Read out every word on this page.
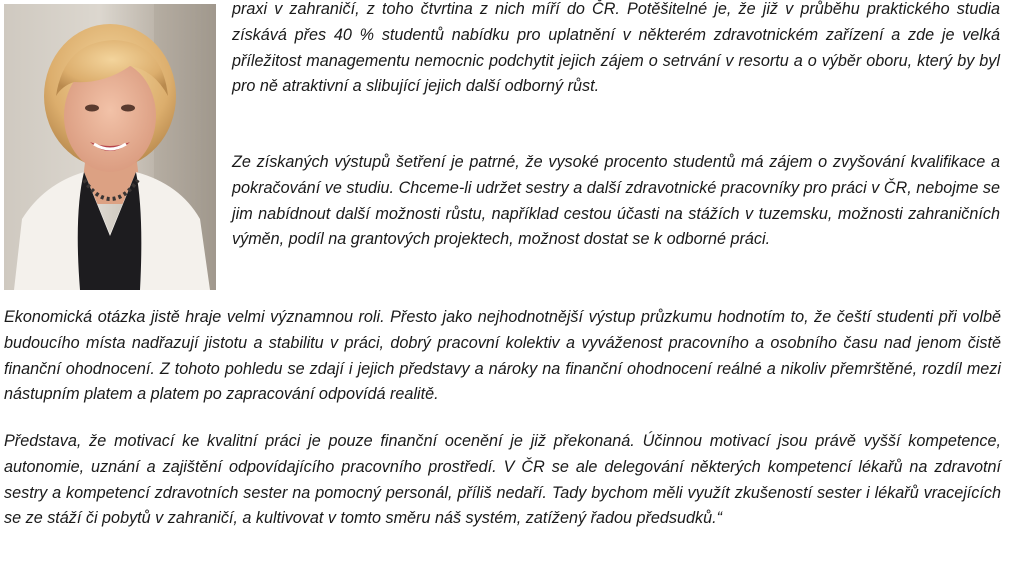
praxi v zahraničí, z toho čtvrtina z nich míří do ČR. Potěšitelné je, že již v průběhu praktického studia získává přes 40 % studentů nabídku pro uplatnění v některém zdravotnickém zařízení a zde je velká příležitost managementu nemocnic podchytit jejich zájem o setrvání v resortu a o výběr oboru, který by byl pro ně atraktivní a slibující jejich další odborný růst.

Ze získaných výstupů šetření je patrné, že vysoké procento studentů má zájem o zvyšování kvalifikace a pokračování ve studiu. Chceme-li udržet sestry a další zdravotnické pracovníky pro práci v ČR, nebojme se jim nabídnout další možnosti růstu, například cestou účasti na stážích v tuzemsku, možnosti zahraničních výměn, podíl na grantových projektech, možnost dostat se k odborné práci.

Ekonomická otázka jistě hraje velmi významnou roli. Přesto jako nejhodnotnější výstup průzkumu hodnotím to, že čeští studenti při volbě budoucího místa nadřazují jistotu a stabilitu v práci, dobrý pracovní kolektiv a vyváženost pracovního a osobního času nad jenom čistě finanční ohodnocení. Z tohoto pohledu se zdají i jejich představy a nároky na finanční ohodnocení reálné a nikoliv přemrštěné, rozdíl mezi nástupním platem a platem po zapracování odpovídá realitě.

Představa, že motivací ke kvalitní práci je pouze finanční ocenění je již překonaná. Účinnou motivací jsou právě vyšší kompetence, autonomie, uznání a zajištění odpovídajícího pracovního prostředí. V ČR se ale delegování některých kompetencí lékařů na zdravotní sestry a kompetencí zdravotních sester na pomocný personál, příliš nedaří. Tady bychom měli využít zkušeností sester i lékařů vracejících se ze stáží či pobytů v zahraničí, a kultivovat v tomto směru náš systém, zatížený řadou předsudků.“
